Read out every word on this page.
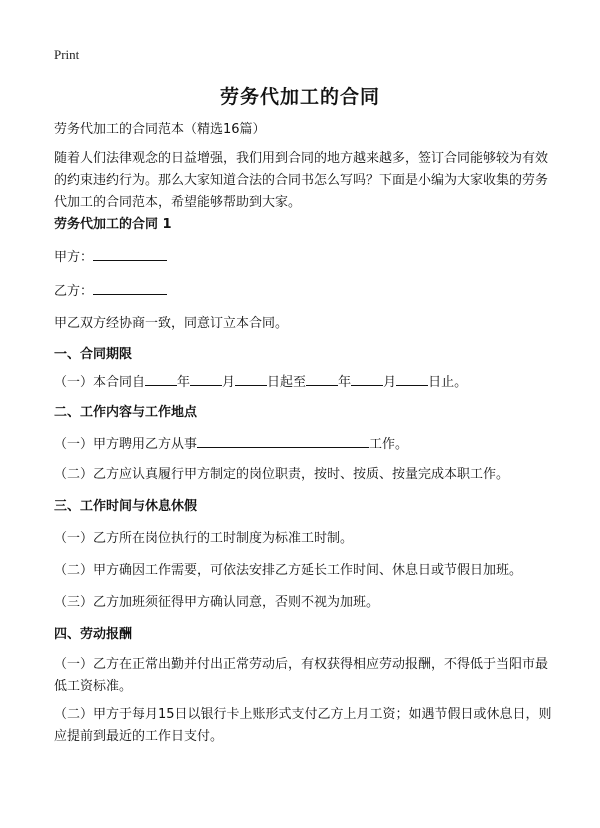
Print
劳务代加工的合同
劳务代加工的合同范本（精选16篇）
随着人们法律观念的日益增强，我们用到合同的地方越来越多，签订合同能够较为有效的约束违约行为。那么大家知道合法的合同书怎么写吗？下面是小编为大家收集的劳务代加工的合同范本，希望能够帮助到大家。
劳务代加工的合同 1
甲方：
乙方：
甲乙双方经协商一致，同意订立本合同。
一、合同期限
（一）本合同自 年 月 日起至 年 月 日止。
二、工作内容与工作地点
（一）甲方聘用乙方从事	工作。
（二）乙方应认真履行甲方制定的岗位职责，按时、按质、按量完成本职工作。
三、工作时间与休息休假
（一）乙方所在岗位执行的工时制度为标准工时制。
（二）甲方确因工作需要，可依法安排乙方延长工作时间、休息日或节假日加班。
（三）乙方加班须征得甲方确认同意，否则不视为加班。
四、劳动报酬
（一）乙方在正常出勤并付出正常劳动后，有权获得相应劳动报酬，不得低于当阳市最低工资标准。
（二）甲方于每月15日以银行卡上账形式支付乙方上月工资；如遇节假日或休息日，则应提前到最近的工作日支付。
